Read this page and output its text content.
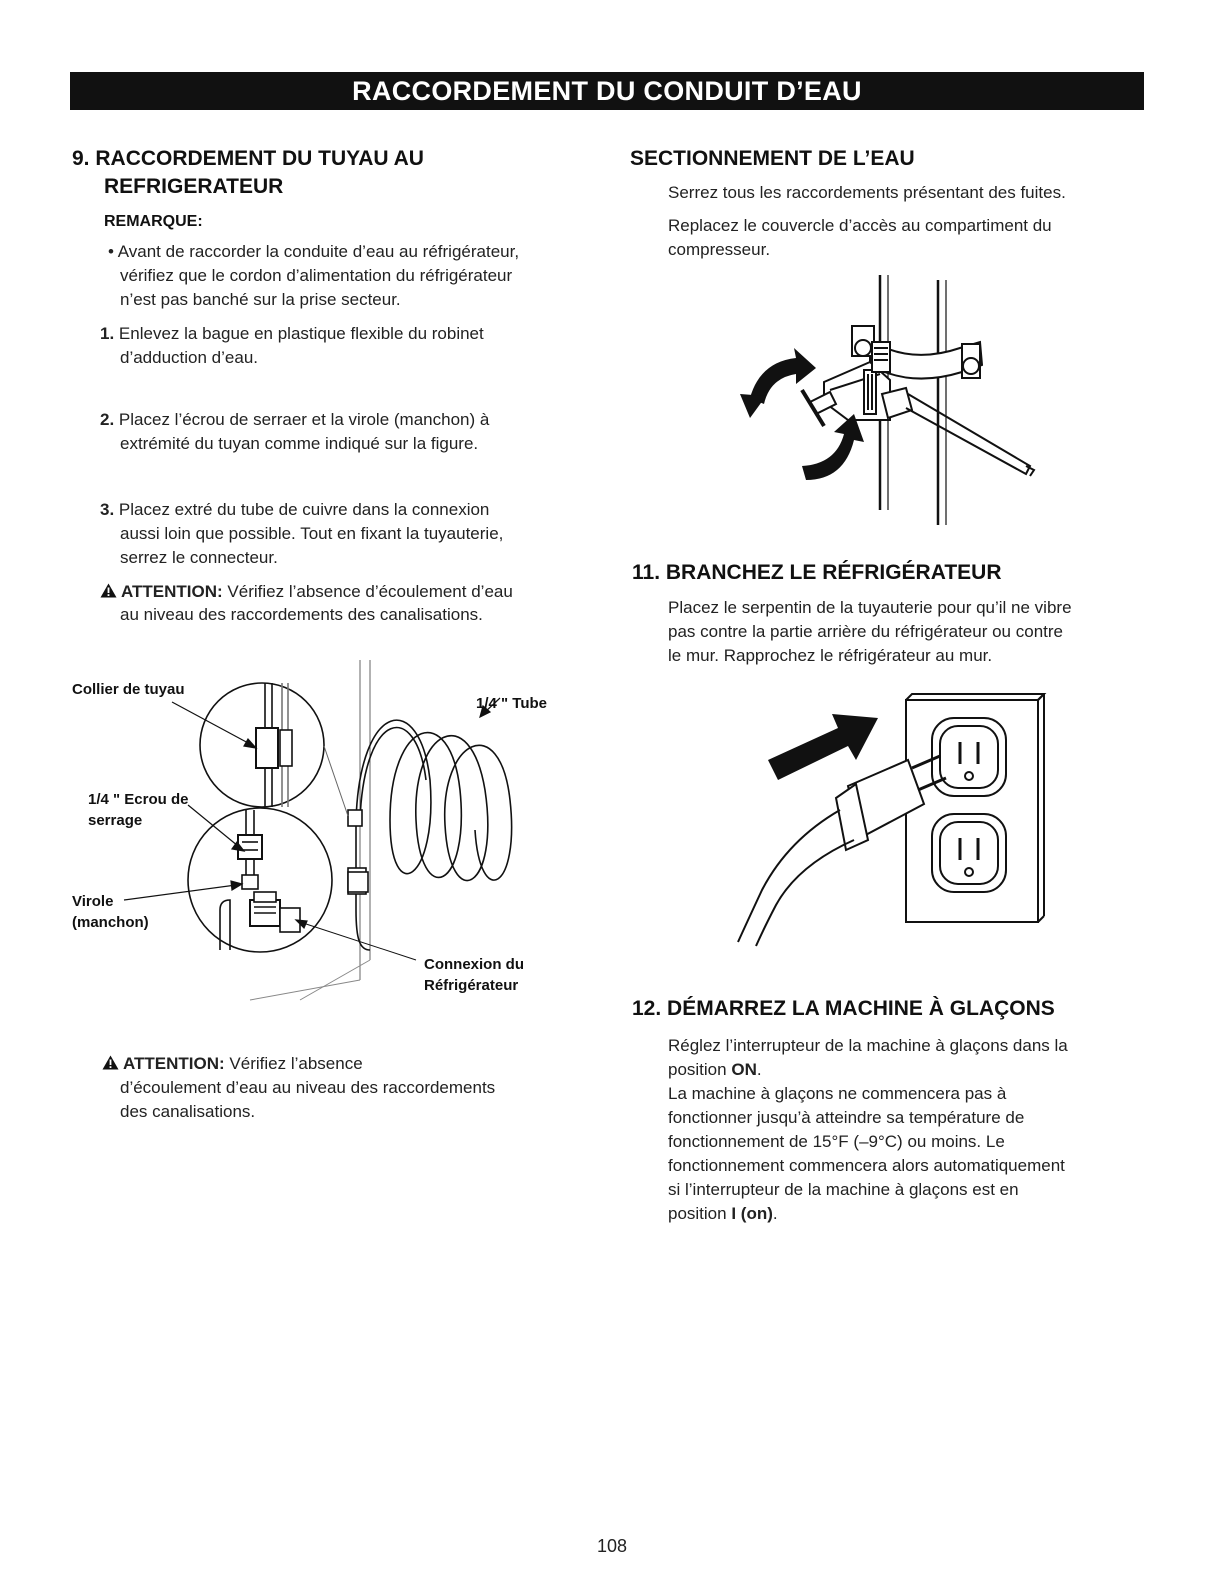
RACCORDEMENT DU CONDUIT D’EAU
9. RACCORDEMENT DU TUYAU AU
REFRIGERATEUR
REMARQUE:
• Avant de raccorder la conduite d’eau au réfrigérateur,
vérifiez que le cordon d’alimentation du réfrigérateur
n’est pas banché sur la prise secteur.
1. Enlevez la bague en plastique flexible du robinet
d’adduction d’eau.
2. Placez l’écrou de serraer et la virole (manchon) à
extrémité du tuyan comme indiqué sur la figure.
3. Placez extré du tube de cuivre dans la connexion
aussi loin que possible. Tout en fixant la tuyauterie,
serrez le connecteur.
ATTENTION: Vérifiez l’absence d’écoulement d’eau
au niveau des raccordements des canalisations.
Collier de tuyau
1/4 " Tube
1/4 " Ecrou de
serrage
Virole
(manchon)
Connexion du
Réfrigérateur
ATTENTION: Vérifiez l’absence
d’écoulement d’eau au niveau des raccordements
des canalisations.
SECTIONNEMENT DE L’EAU
Serrez tous les raccordements présentant des fuites.
Replacez le couvercle d’accès au compartiment du
compresseur.
11. BRANCHEZ LE RÉFRIGÉRATEUR
Placez le serpentin de la tuyauterie pour qu’il ne vibre
pas contre la partie arrière du réfrigérateur ou contre
le mur. Rapprochez le réfrigérateur au mur.
12. DÉMARREZ LA MACHINE À GLAÇONS
Réglez l’interrupteur de la machine à glaçons dans la
position ON.
La machine à glaçons ne commencera pas à
fonctionner jusqu’à atteindre sa température de
fonctionnement de 15°F (–9°C) ou moins. Le
fonctionnement commencera alors automatiquement
si l’interrupteur de la machine à glaçons est en
position I (on).
108
